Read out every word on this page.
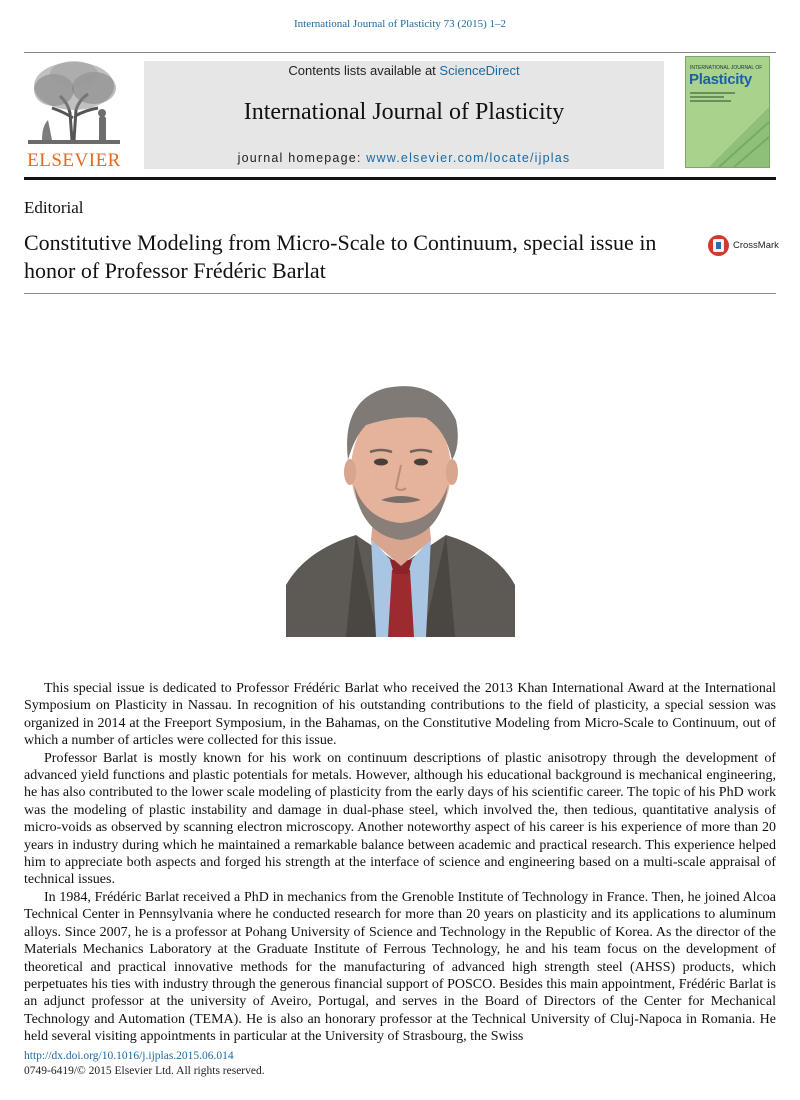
International Journal of Plasticity 73 (2015) 1–2
ELSEVIER
Contents lists available at ScienceDirect
International Journal of Plasticity
journal homepage: www.elsevier.com/locate/ijplas
INTERNATIONAL JOURNAL OF
Plasticity
Editorial
Constitutive Modeling from Micro-Scale to Continuum, special issue in honor of Professor Frédéric Barlat
CrossMark

This special issue is dedicated to Professor Frédéric Barlat who received the 2013 Khan International Award at the International Symposium on Plasticity in Nassau. In recognition of his outstanding contributions to the field of plasticity, a special session was organized in 2014 at the Freeport Symposium, in the Bahamas, on the Constitutive Modeling from Micro-Scale to Continuum, out of which a number of articles were collected for this issue.

Professor Barlat is mostly known for his work on continuum descriptions of plastic anisotropy through the development of advanced yield functions and plastic potentials for metals. However, although his educational background is mechanical engineering, he has also contributed to the lower scale modeling of plasticity from the early days of his scientific career. The topic of his PhD work was the modeling of plastic instability and damage in dual-phase steel, which involved the, then tedious, quantitative analysis of micro-voids as observed by scanning electron microscopy. Another noteworthy aspect of his career is his experience of more than 20 years in industry during which he maintained a remarkable balance between academic and practical research. This experience helped him to appreciate both aspects and forged his strength at the interface of science and engineering based on a multi-scale appraisal of technical issues.

In 1984, Frédéric Barlat received a PhD in mechanics from the Grenoble Institute of Technology in France. Then, he joined Alcoa Technical Center in Pennsylvania where he conducted research for more than 20 years on plasticity and its applications to aluminum alloys. Since 2007, he is a professor at Pohang University of Science and Technology in the Republic of Korea. As the director of the Materials Mechanics Laboratory at the Graduate Institute of Ferrous Technology, he and his team focus on the development of theoretical and practical innovative methods for the manufacturing of advanced high strength steel (AHSS) products, which perpetuates his ties with industry through the generous financial support of POSCO. Besides this main appointment, Frédéric Barlat is an adjunct professor at the university of Aveiro, Portugal, and serves in the Board of Directors of the Center for Mechanical Technology and Automation (TEMA). He is also an honorary professor at the Technical University of Cluj-Napoca in Romania. He held several visiting appointments in particular at the University of Strasbourg, the Swiss

http://dx.doi.org/10.1016/j.ijplas.2015.06.014
0749-6419/© 2015 Elsevier Ltd. All rights reserved.
